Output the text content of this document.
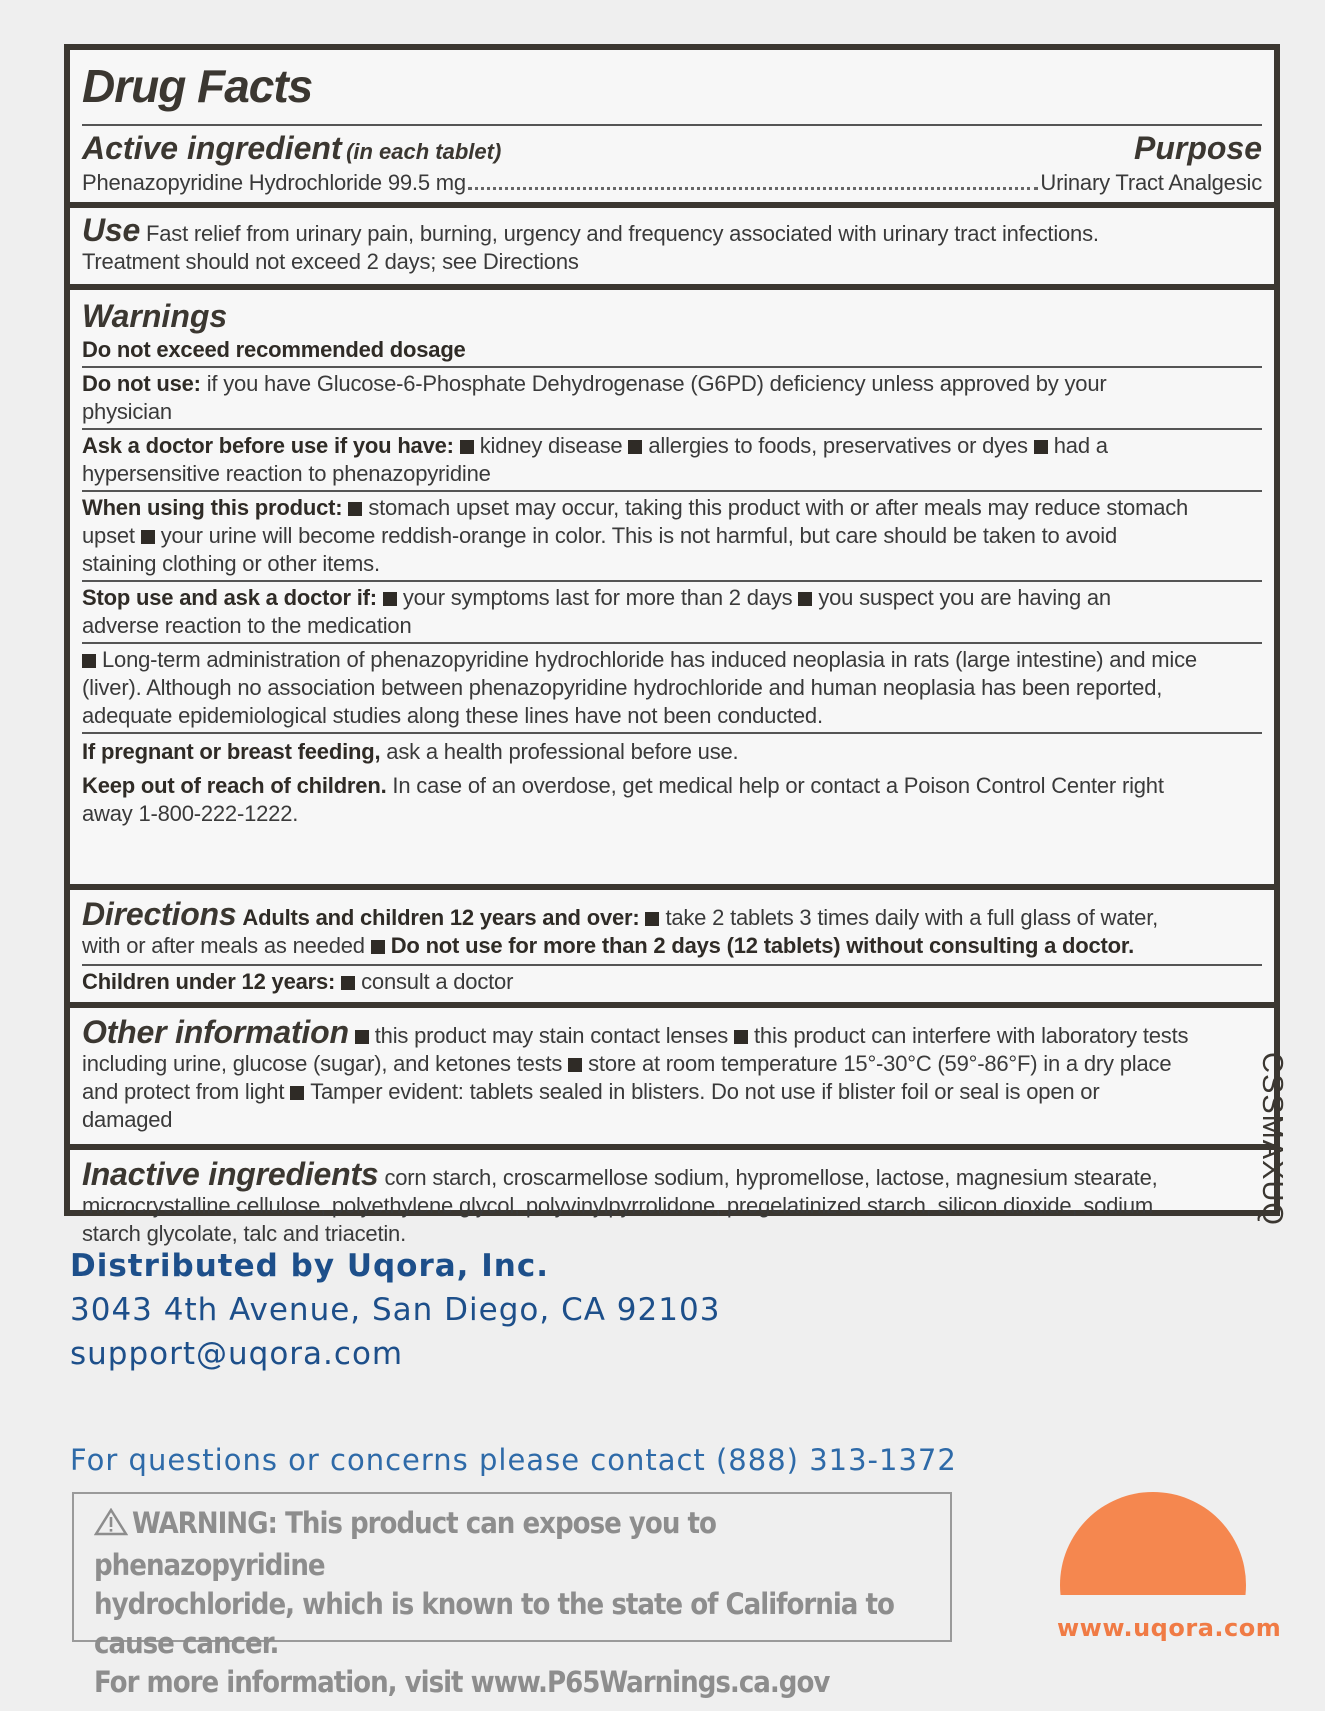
Drug Facts
Active ingredient (in each tablet)	Purpose
Phenazopyridine Hydrochloride 99.5 mg	Urinary Tract Analgesic
Use Fast relief from urinary pain, burning, urgency and frequency associated with urinary tract infections.
Treatment should not exceed 2 days; see Directions
Warnings
Do not exceed recommended dosage
Do not use: if you have Glucose-6-Phosphate Dehydrogenase (G6PD) deficiency unless approved by your
physician
Ask a doctor before use if you have: kidney disease allergies to foods, preservatives or dyes had a
hypersensitive reaction to phenazopyridine
When using this product: stomach upset may occur, taking this product with or after meals may reduce stomach
upset your urine will become reddish-orange in color. This is not harmful, but care should be taken to avoid
staining clothing or other items.
Stop use and ask a doctor if: your symptoms last for more than 2 days you suspect you are having an
adverse reaction to the medication
Long-term administration of phenazopyridine hydrochloride has induced neoplasia in rats (large intestine) and mice
(liver). Although no association between phenazopyridine hydrochloride and human neoplasia has been reported,
adequate epidemiological studies along these lines have not been conducted.
If pregnant or breast feeding, ask a health professional before use.
Keep out of reach of children. In case of an overdose, get medical help or contact a Poison Control Center right
away 1-800-222-1222.
Directions Adults and children 12 years and over: take 2 tablets 3 times daily with a full glass of water,
with or after meals as needed Do not use for more than 2 days (12 tablets) without consulting a doctor.
Children under 12 years: consult a doctor
Other information this product may stain contact lenses this product can interfere with laboratory tests
including urine, glucose (sugar), and ketones tests store at room temperature 15°-30°C (59°-86°F) in a dry place
and protect from light Tamper evident: tablets sealed in blisters. Do not use if blister foil or seal is open or
damaged
Inactive ingredients corn starch, croscarmellose sodium, hypromellose, lactose, magnesium stearate,
microcrystalline cellulose, polyethylene glycol, polyvinylpyrrolidone, pregelatinized starch, silicon dioxide, sodium
starch glycolate, talc and triacetin.
CSSMAXUQ
Distributed by Uqora, Inc.
3043 4th Avenue, San Diego, CA 92103
support@uqora.com
For questions or concerns please contact (888) 313-1372
WARNING: This product can expose you to phenazopyridine
hydrochloride, which is known to the state of California to cause cancer.
For more information, visit www.P65Warnings.ca.gov
www.uqora.com
